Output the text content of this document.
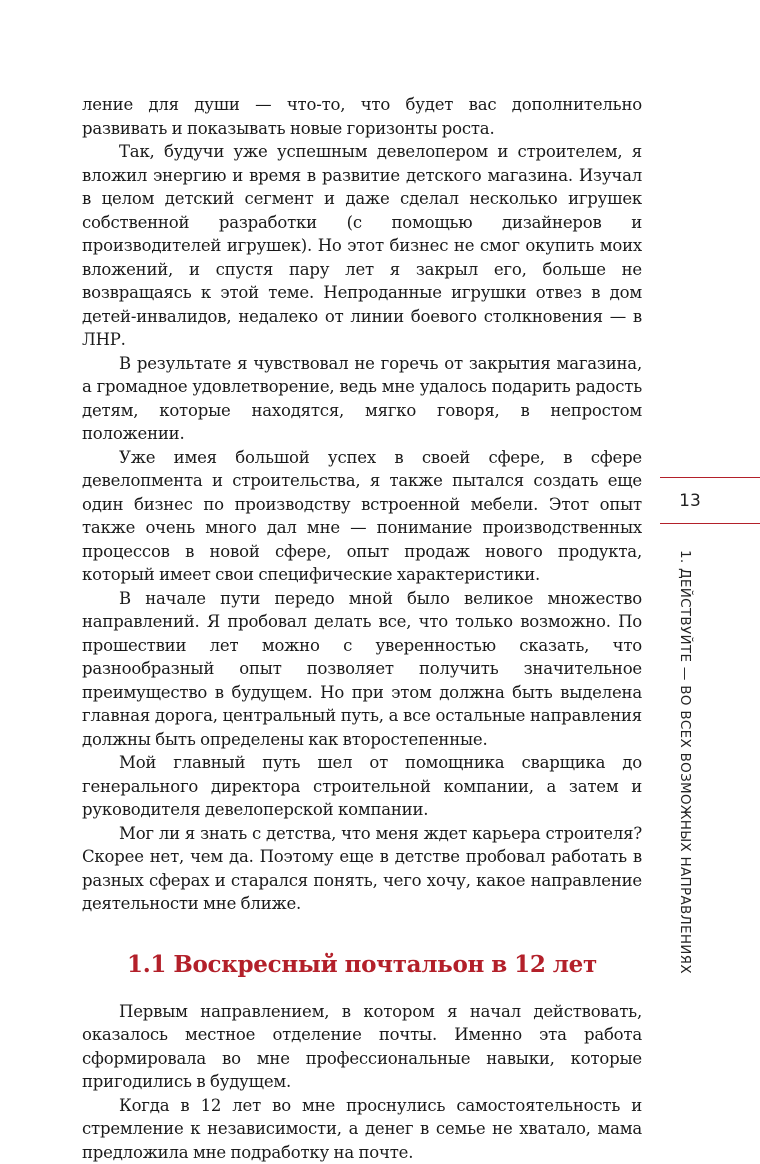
ление для души — что-то, что будет вас дополнительно развивать и показывать новые горизонты роста.

Так, будучи уже успешным девелопером и строителем, я вложил энергию и время в развитие детского магазина. Изучал в целом детский сегмент и даже сделал несколько игрушек собственной разработки (с помощью дизайнеров и производителей игрушек). Но этот бизнес не смог окупить моих вложений, и спустя пару лет я закрыл его, больше не возвращаясь к этой теме. Непроданные игрушки отвез в дом детей-инвалидов, недалеко от линии боевого столкновения — в ЛНР.

В результате я чувствовал не горечь от закрытия магазина, а громадное удовлетворение, ведь мне удалось подарить радость детям, которые находятся, мягко говоря, в непростом положении.

Уже имея большой успех в своей сфере, в сфере девелопмента и строительства, я также пытался создать еще один бизнес по производству встроенной мебели. Этот опыт также очень много дал мне — понимание производственных процессов в новой сфере, опыт продаж нового продукта, который имеет свои специфические характеристики.

В начале пути передо мной было великое множество направлений. Я пробовал делать все, что только возможно. По прошествии лет можно с уверенностью сказать, что разнообразный опыт позволяет получить значительное преимущество в будущем. Но при этом должна быть выделена главная дорога, центральный путь, а все остальные направления должны быть определены как второстепенные.

Мой главный путь шел от помощника сварщика до генерального директора строительной компании, а затем и руководителя девелоперской компании.

Мог ли я знать с детства, что меня ждет карьера строителя? Скорее нет, чем да. Поэтому еще в детстве пробовал работать в разных сферах и старался понять, чего хочу, какое направление деятельности мне ближе.

1.1 Воскресный почтальон в 12 лет

Первым направлением, в котором я начал действовать, оказалось местное отделение почты. Именно эта работа сформировала во мне профессиональные навыки, которые пригодились в будущем.

Когда в 12 лет во мне проснулись самостоятельность и стремление к независимости, а денег в семье не хватало, мама предложила мне подработку на почте.

13
1. ДЕЙСТВУЙТЕ — ВО ВСЕХ ВОЗМОЖНЫХ НАПРАВЛЕНИЯХ
